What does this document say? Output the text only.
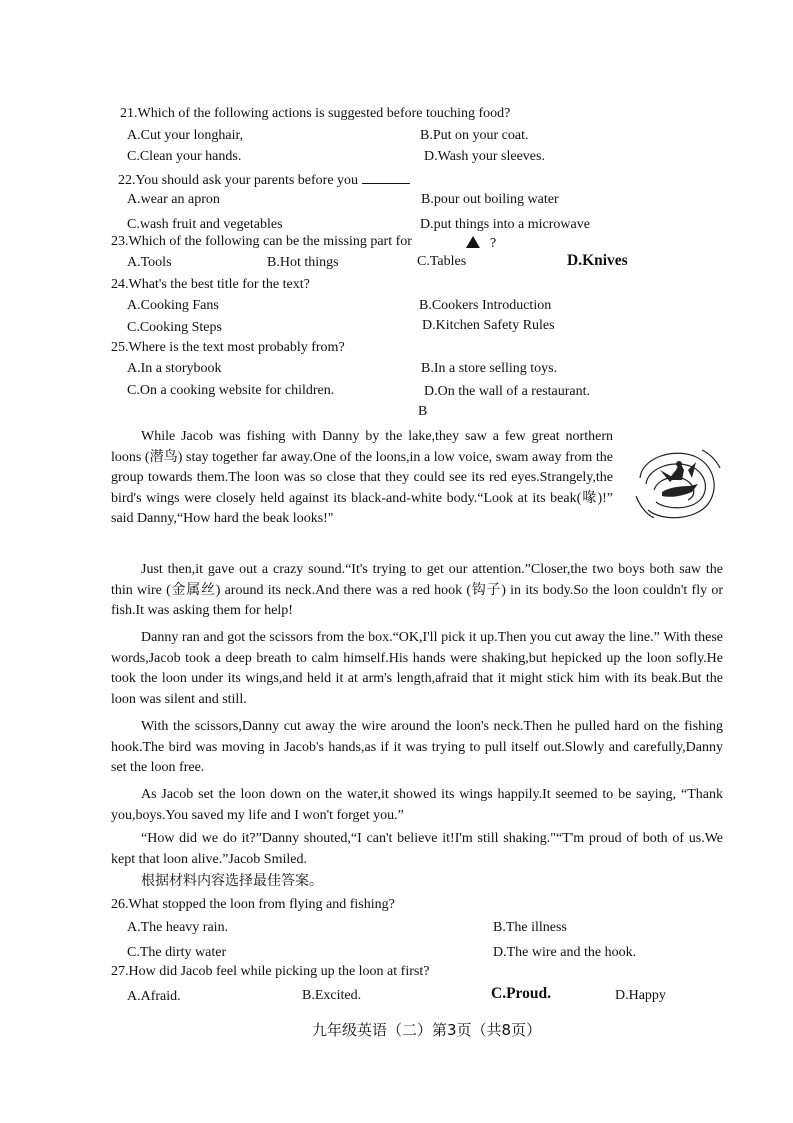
21.Which of the following actions is suggested before touching food?
A.Cut your longhair,	B.Put on your coat.
C.Clean your hands.	D.Wash your sleeves.
22.You should ask your parents before you
A.wear an apron	B.pour out boiling water
C.wash fruit and vegetables	D.put things into a microwave
23.Which of the following can be the missing part for	?
A.Tools	B.Hot things	C.Tables	D.Knives
24.What's the best title for the text?
A.Cooking Fans	B.Cookers Introduction
C.Cooking Steps	D.Kitchen Safety Rules
25.Where is the text most probably from?
A.In a storybook	B.In a store selling toys.
C.On a cooking website for children.	D.On the wall of a restaurant.
B
While Jacob was fishing with Danny by the lake,they saw a few great northern loons (潜鸟) stay together far away.One of the loons,in a low voice, swam away from the group towards them.The loon was so close that they could see its red eyes.Strangely,the bird's wings were closely held against its black-and-white body.“Look at its beak(喙)!” said Danny,“How hard the beak looks!"
Just then,it gave out a crazy sound.“It's trying to get our attention.”Closer,the two boys both saw the thin wire (金属丝) around its neck.And there was a red hook (钩子) in its body.So the loon couldn't fly or fish.It was asking them for help!
Danny ran and got the scissors from the box.“OK,I'll pick it up.Then you cut away the line.” With these words,Jacob took a deep breath to calm himself.His hands were shaking,but hepicked up the loon sofly.He took the loon under its wings,and held it at arm's length,afraid that it might stick him with its beak.But the loon was silent and still.
With the scissors,Danny cut away the wire around the loon's neck.Then he pulled hard on the fishing hook.The bird was moving in Jacob's hands,as if it was trying to pull itself out.Slowly and carefully,Danny set the loon free.
As Jacob set the loon down on the water,it showed its wings happily.It seemed to be saying, “Thank you,boys.You saved my life and I won't forget you.”
“How did we do it?”Danny shouted,“I can't believe it!I'm still shaking."“T'm proud of both of us.We kept that loon alive.”Jacob Smiled.
根据材料内容选择最佳答案。
26.What stopped the loon from flying and fishing?
A.The heavy rain.	B.The illness
C.The dirty water	D.The wire and the hook.
27.How did Jacob feel while picking up the loon at first?
A.Afraid.	B.Excited.	C.Proud.	D.Happy
九年级英语（二）第3页（共8页）
